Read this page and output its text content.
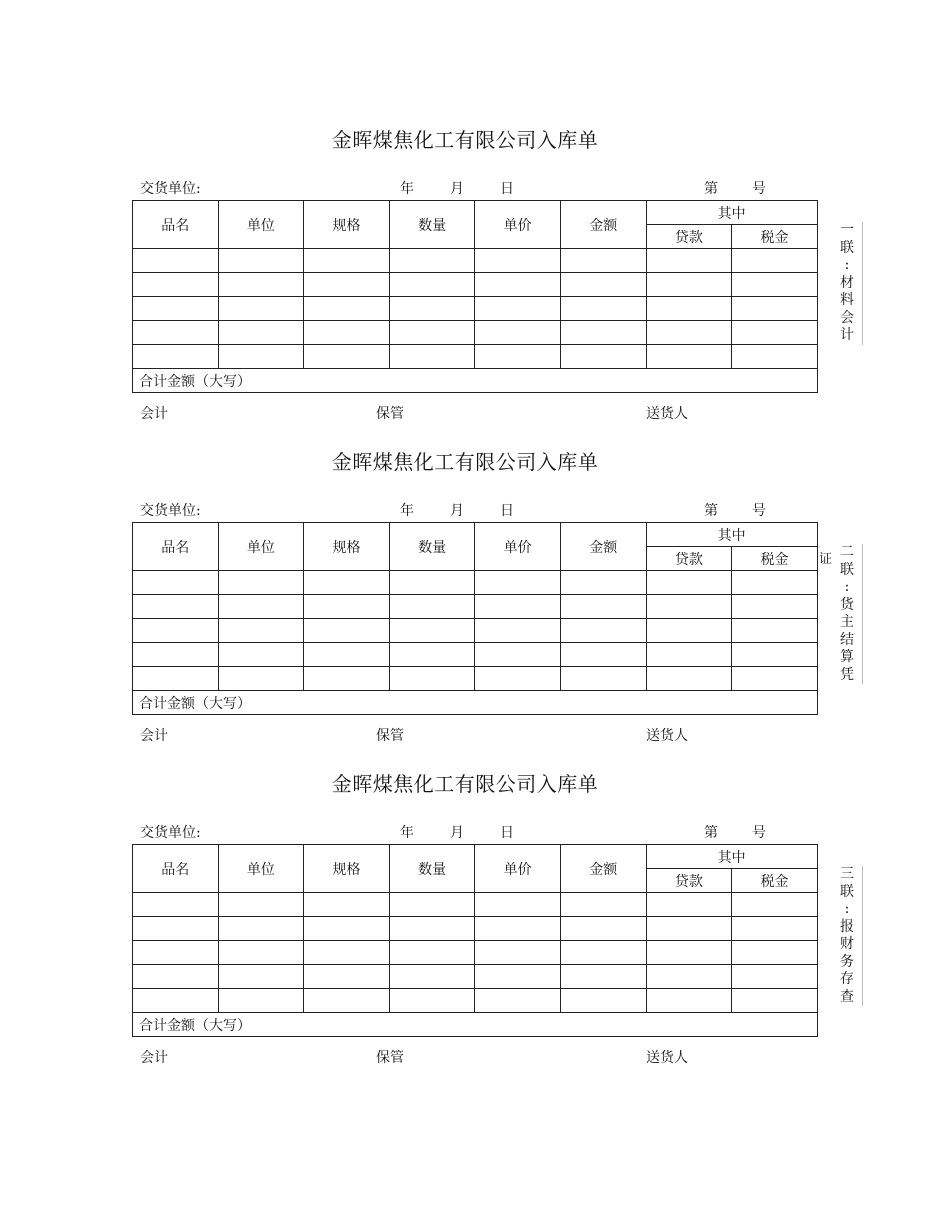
金晖煤焦化工有限公司入库单
交货单位:	年	月	日	第 号
品名	单位	规格	数量	单价	金额	其中	
						贷款	税金

合计金额（大写）							
会计	保管	送货人
一
联
:
材
料
会
计
金晖煤焦化工有限公司入库单
交货单位:	年	月	日	第 号
品名	单位	规格	数量	单价	金额	其中	
						贷款	税金

合计金额（大写）							
会计	保管	送货人
证 二
联
:
货
主
结
算
凭
金晖煤焦化工有限公司入库单
交货单位:	年	月	日	第 号
品名	单位	规格	数量	单价	金额	其中	
						贷款	税金

合计金额（大写）							
会计	保管	送货人
三
联
:
报
财
务
存
查
